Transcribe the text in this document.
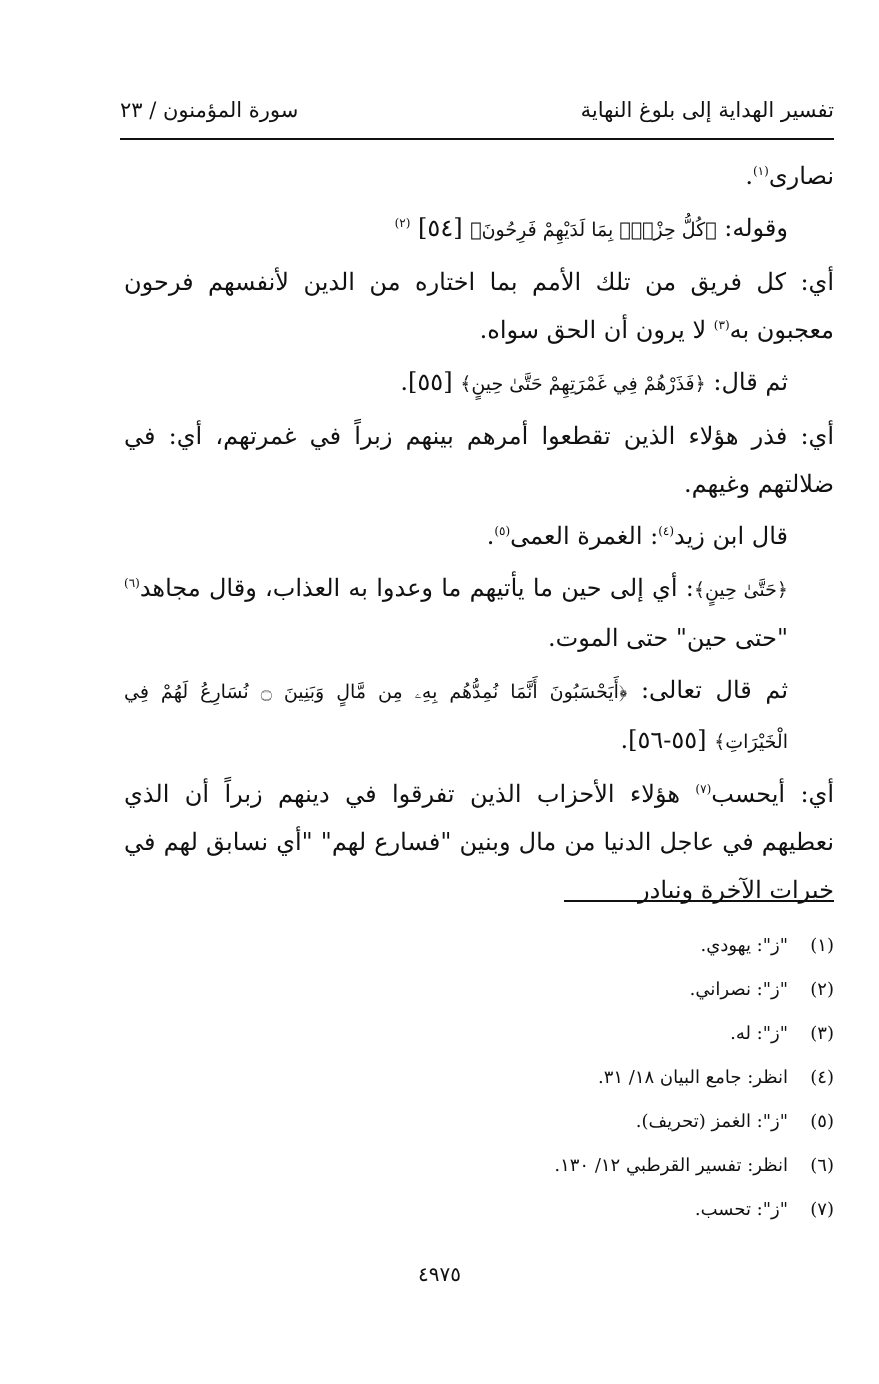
تفسير الهداية إلى بلوغ النهاية
سورة المؤمنون / ٢٣

نصارى$^{(١)}$.

وقوله: ﴿كُلُّ حِزْبِۢ بِمَا لَدَيْهِمْ فَرِحُونَ﴾ [٥٤] $^{(٢)}$

أي: كل فريق من تلك الأمم بما اختاره من الدين لأنفسهم فرحون معجبون به$^{(٣)}$ لا يرون أن الحق سواه.

ثم قال: ﴿فَذَرْهُمْ فِي غَمْرَتِهِمْ حَتَّىٰ حِينٍ﴾ [٥٥].

أي: فذر هؤلاء الذين تقطعوا أمرهم بينهم زبراً في غمرتهم، أي: في ضلالتهم وغيهم.

قال ابن زيد$^{(٤)}$: الغمرة العمى$^{(٥)}$.

﴿حَتَّىٰ حِينٍ﴾: أي إلى حين ما يأتيهم ما وعدوا به العذاب، وقال مجاهد$^{(٦)}$ "حتى حين" حتى الموت.

ثم قال تعالى: ﴿أَيَحْسَبُونَ أَنَّمَا نُمِدُّهُم بِهِۦ مِن مَّالٍ وَبَنِينَ ۝ نُسَارِعُ لَهُمْ فِي الْخَيْرَاتِ﴾ [٥٥-٥٦].

أي: أيحسب$^{(٧)}$ هؤلاء الأحزاب الذين تفرقوا في دينهم زبراً أن الذي نعطيهم في عاجل الدنيا من مال وبنين "فسارع لهم" "أي نسابق لهم في خيرات الآخرة ونبادر

(١)
"ز": يهودي.
(٢)
"ز": نصراني.
(٣)
"ز": له.
(٤)
انظر: جامع البيان ١٨/ ٣١.
(٥)
"ز": الغمز (تحريف).
(٦)
انظر: تفسير القرطبي ١٢/ ١٣٠.
(٧)
"ز": تحسب.
٤٩٧٥
